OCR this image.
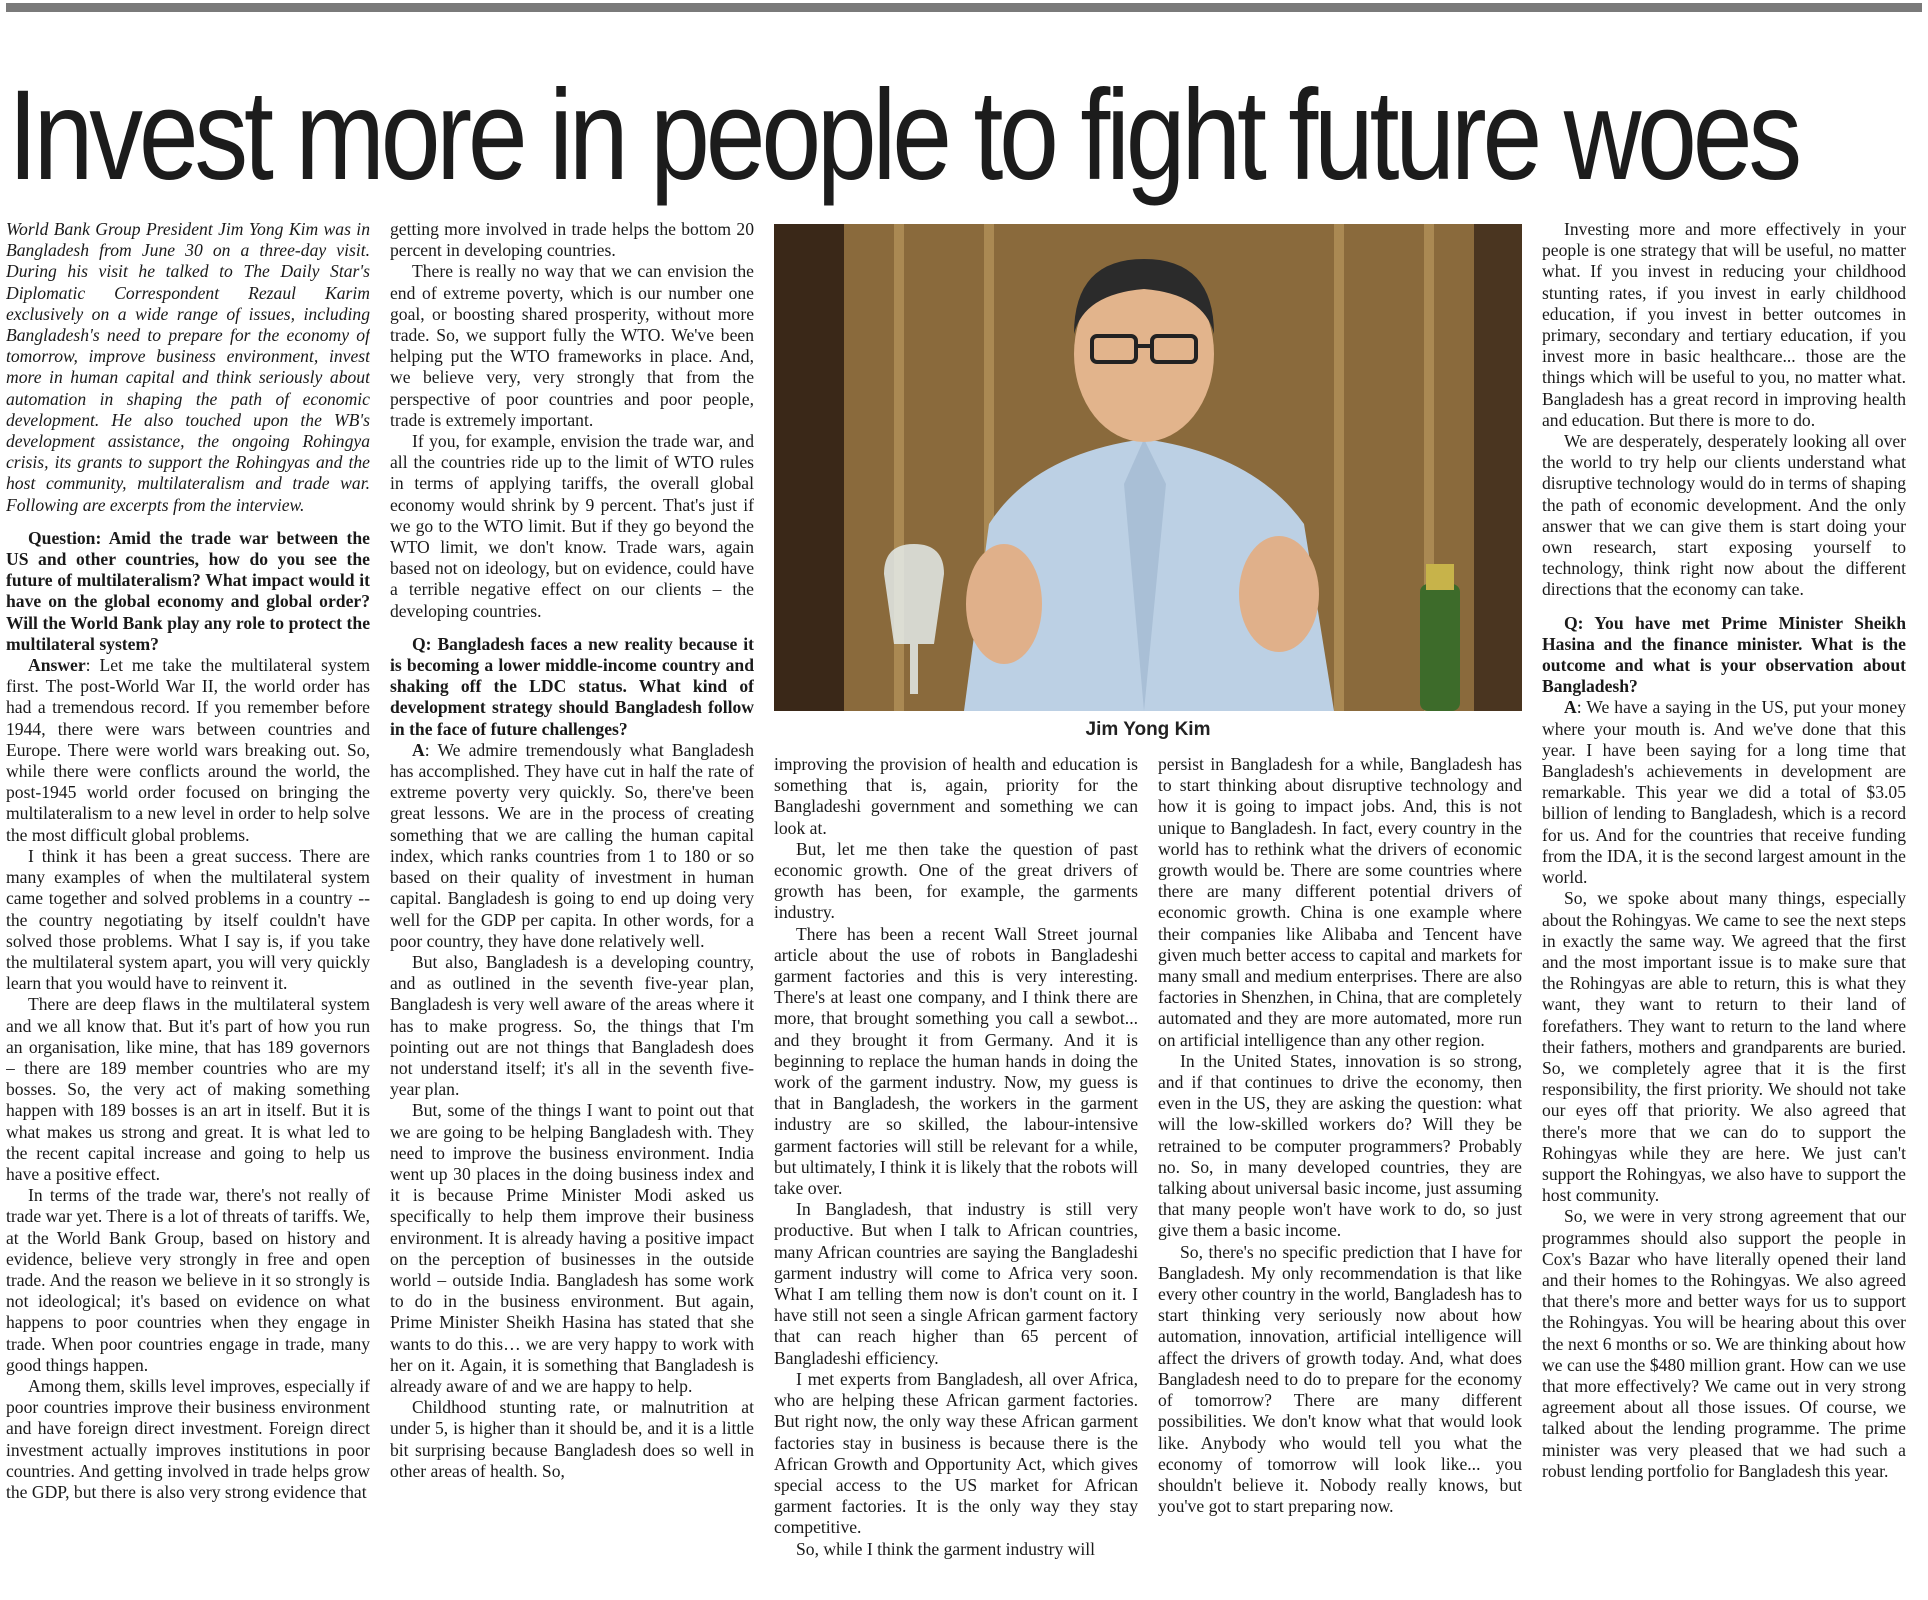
Invest more in people to fight future woes

World Bank Group President Jim Yong Kim was in Bangladesh from June 30 on a three-day visit. During his visit he talked to The Daily Star's Diplomatic Correspondent Rezaul Karim exclusively on a wide range of issues, including Bangladesh's need to prepare for the economy of tomorrow, improve business environment, invest more in human capital and think seriously about automation in shaping the path of economic development. He also touched upon the WB's development assistance, the ongoing Rohingya crisis, its grants to support the Rohingyas and the host community, multilateralism and trade war. Following are excerpts from the interview.

Question: Amid the trade war between the US and other countries, how do you see the future of multilateralism? What impact would it have on the global economy and global order? Will the World Bank play any role to protect the multilateral system?

Answer: Let me take the multilateral system first. The post-World War II, the world order has had a tremendous record. If you remember before 1944, there were wars between countries and Europe. There were world wars breaking out. So, while there were conflicts around the world, the post-1945 world order focused on bringing the multilateralism to a new level in order to help solve the most difficult global problems.

I think it has been a great success. There are many examples of when the multilateral system came together and solved problems in a country -- the country negotiating by itself couldn't have solved those problems. What I say is, if you take the multilateral system apart, you will very quickly learn that you would have to reinvent it.

There are deep flaws in the multilateral system and we all know that. But it's part of how you run an organisation, like mine, that has 189 governors – there are 189 member countries who are my bosses. So, the very act of making something happen with 189 bosses is an art in itself. But it is what makes us strong and great. It is what led to the recent capital increase and going to help us have a positive effect.

In terms of the trade war, there's not really of trade war yet. There is a lot of threats of tariffs. We, at the World Bank Group, based on history and evidence, believe very strongly in free and open trade. And the reason we believe in it so strongly is not ideological; it's based on evidence on what happens to poor countries when they engage in trade. When poor countries engage in trade, many good things happen.

Among them, skills level improves, especially if poor countries improve their business environment and have foreign direct investment. Foreign direct investment actually improves institutions in poor countries. And getting involved in trade helps grow the GDP, but there is also very strong evidence that

getting more involved in trade helps the bottom 20 percent in developing countries.

There is really no way that we can envision the end of extreme poverty, which is our number one goal, or boosting shared prosperity, without more trade. So, we support fully the WTO. We've been helping put the WTO frameworks in place. And, we believe very, very strongly that from the perspective of poor countries and poor people, trade is extremely important.

If you, for example, envision the trade war, and all the countries ride up to the limit of WTO rules in terms of applying tariffs, the overall global economy would shrink by 9 percent. That's just if we go to the WTO limit. But if they go beyond the WTO limit, we don't know. Trade wars, again based not on ideology, but on evidence, could have a terrible negative effect on our clients – the developing countries.

Q: Bangladesh faces a new reality because it is becoming a lower middle-income country and shaking off the LDC status. What kind of development strategy should Bangladesh follow in the face of future challenges?

A: We admire tremendously what Bangladesh has accomplished. They have cut in half the rate of extreme poverty very quickly. So, there've been great lessons. We are in the process of creating something that we are calling the human capital index, which ranks countries from 1 to 180 or so based on their quality of investment in human capital. Bangladesh is going to end up doing very well for the GDP per capita. In other words, for a poor country, they have done relatively well.

But also, Bangladesh is a developing country, and as outlined in the seventh five-year plan, Bangladesh is very well aware of the areas where it has to make progress. So, the things that I'm pointing out are not things that Bangladesh does not understand itself; it's all in the seventh five-year plan.

But, some of the things I want to point out that we are going to be helping Bangladesh with. They need to improve the business environment. India went up 30 places in the doing business index and it is because Prime Minister Modi asked us specifically to help them improve their business environment. It is already having a positive impact on the perception of businesses in the outside world – outside India. Bangladesh has some work to do in the business environment. But again, Prime Minister Sheikh Hasina has stated that she wants to do this… we are very happy to work with her on it. Again, it is something that Bangladesh is already aware of and we are happy to help.

Childhood stunting rate, or malnutrition at under 5, is higher than it should be, and it is a little bit surprising because Bangladesh does so well in other areas of health. So,

Jim Yong Kim

improving the provision of health and education is something that is, again, priority for the Bangladeshi government and something we can look at.

But, let me then take the question of past economic growth. One of the great drivers of growth has been, for example, the garments industry.

There has been a recent Wall Street journal article about the use of robots in Bangladeshi garment factories and this is very interesting. There's at least one company, and I think there are more, that brought something you call a sewbot... and they brought it from Germany. And it is beginning to replace the human hands in doing the work of the garment industry. Now, my guess is that in Bangladesh, the workers in the garment industry are so skilled, the labour-intensive garment factories will still be relevant for a while, but ultimately, I think it is likely that the robots will take over.

In Bangladesh, that industry is still very productive. But when I talk to African countries, many African countries are saying the Bangladeshi garment industry will come to Africa very soon. What I am telling them now is don't count on it. I have still not seen a single African garment factory that can reach higher than 65 percent of Bangladeshi efficiency.

I met experts from Bangladesh, all over Africa, who are helping these African garment factories. But right now, the only way these African garment factories stay in business is because there is the African Growth and Opportunity Act, which gives special access to the US market for African garment factories. It is the only way they stay competitive.

So, while I think the garment industry will

persist in Bangladesh for a while, Bangladesh has to start thinking about disruptive technology and how it is going to impact jobs. And, this is not unique to Bangladesh. In fact, every country in the world has to rethink what the drivers of economic growth would be. There are some countries where there are many different potential drivers of economic growth. China is one example where their companies like Alibaba and Tencent have given much better access to capital and markets for many small and medium enterprises. There are also factories in Shenzhen, in China, that are completely automated and they are more automated, more run on artificial intelligence than any other region.

In the United States, innovation is so strong, and if that continues to drive the economy, then even in the US, they are asking the question: what will the low-skilled workers do? Will they be retrained to be computer programmers? Probably no. So, in many developed countries, they are talking about universal basic income, just assuming that many people won't have work to do, so just give them a basic income.

So, there's no specific prediction that I have for Bangladesh. My only recommendation is that like every other country in the world, Bangladesh has to start thinking very seriously now about how automation, innovation, artificial intelligence will affect the drivers of growth today. And, what does Bangladesh need to do to prepare for the economy of tomorrow? There are many different possibilities. We don't know what that would look like. Anybody who would tell you what the economy of tomorrow will look like... you shouldn't believe it. Nobody really knows, but you've got to start preparing now.

Investing more and more effectively in your people is one strategy that will be useful, no matter what. If you invest in reducing your childhood stunting rates, if you invest in early childhood education, if you invest in better outcomes in primary, secondary and tertiary education, if you invest more in basic healthcare... those are the things which will be useful to you, no matter what. Bangladesh has a great record in improving health and education. But there is more to do.

We are desperately, desperately looking all over the world to try help our clients understand what disruptive technology would do in terms of shaping the path of economic development. And the only answer that we can give them is start doing your own research, start exposing yourself to technology, think right now about the different directions that the economy can take.

Q: You have met Prime Minister Sheikh Hasina and the finance minister. What is the outcome and what is your observation about Bangladesh?

A: We have a saying in the US, put your money where your mouth is. And we've done that this year. I have been saying for a long time that Bangladesh's achievements in development are remarkable. This year we did a total of $3.05 billion of lending to Bangladesh, which is a record for us. And for the countries that receive funding from the IDA, it is the second largest amount in the world.

So, we spoke about many things, especially about the Rohingyas. We came to see the next steps in exactly the same way. We agreed that the first and the most important issue is to make sure that the Rohingyas are able to return, this is what they want, they want to return to their land of forefathers. They want to return to the land where their fathers, mothers and grandparents are buried. So, we completely agree that it is the first responsibility, the first priority. We should not take our eyes off that priority. We also agreed that there's more that we can do to support the Rohingyas while they are here. We just can't support the Rohingyas, we also have to support the host community.

So, we were in very strong agreement that our programmes should also support the people in Cox's Bazar who have literally opened their land and their homes to the Rohingyas. We also agreed that there's more and better ways for us to support the Rohingyas. You will be hearing about this over the next 6 months or so. We are thinking about how we can use the $480 million grant. How can we use that more effectively? We came out in very strong agreement about all those issues. Of course, we talked about the lending programme. The prime minister was very pleased that we had such a robust lending portfolio for Bangladesh this year.
